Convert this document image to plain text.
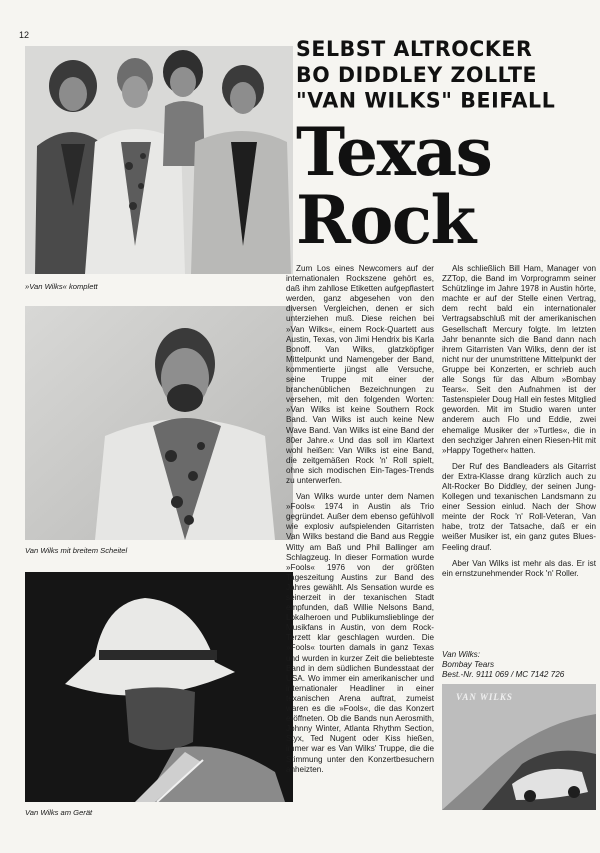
12
»Van Wilks« komplett
Van Wilks mit breitem Scheitel
Van Wilks am Gerät
SELBST ALTROCKER
BO DIDDLEY ZOLLTE
"VAN WILKS" BEIFALL
Texas
Rock

Zum Los eines Newcomers auf der internationalen Rockszene gehört es, daß ihm zahllose Etiketten aufgepflastert werden, ganz abgesehen von den diversen Vergleichen, denen er sich unterziehen muß. Diese reichen bei »Van Wilks«, einem Rock-Quartett aus Austin, Texas, von Jimi Hendrix bis Karla Bonoff. Van Wilks, glatzköpfiger Mittelpunkt und Namengeber der Band, kommentierte jüngst alle Versuche, seine Truppe mit einer der branchenüblichen Bezeichnungen zu versehen, mit den folgenden Worten: »Van Wilks ist keine Southern Rock Band. Van Wilks ist auch keine New Wave Band. Van Wilks ist eine Band der 80er Jahre.« Und das soll im Klartext wohl heißen: Van Wilks ist eine Band, die zeitgemäßen Rock 'n' Roll spielt, ohne sich modischen Ein-Tages-Trends zu unterwerfen.

Van Wilks wurde unter dem Namen »Fools« 1974 in Austin als Trio gegründet. Außer dem ebenso gefühlvoll wie explosiv aufspielenden Gitarristen Van Wilks bestand die Band aus Reggie Witty am Baß und Phil Ballinger am Schlagzeug. In dieser Formation wurde »Fools« 1976 von der größten Tageszeitung Austins zur Band des Jahres gewählt. Als Sensation wurde es seinerzeit in der texanischen Stadt empfunden, daß Willie Nelsons Band, Lokalheroen und Publikumslieblinge der Musikfans in Austin, von dem Rock-Terzett klar geschlagen wurden. Die »Fools« tourten damals in ganz Texas und wurden in kurzer Zeit die beliebteste Band in dem südlichen Bundesstaat der USA. Wo immer ein amerikanischer und internationaler Headliner in einer texanischen Arena auftrat, zumeist waren es die »Fools«, die das Konzert eröffneten. Ob die Bands nun Aerosmith, Johnny Winter, Atlanta Rhythm Section, Styx, Ted Nugent oder Kiss hießen, immer war es Van Wilks' Truppe, die die Stimmung unter den Konzertbesuchern anheizten.

Als schließlich Bill Ham, Manager von ZZTop, die Band im Vorprogramm seiner Schützlinge im Jahre 1978 in Austin hörte, machte er auf der Stelle einen Vertrag, dem recht bald ein internationaler Vertragsabschluß mit der amerikanischen Gesellschaft Mercury folgte. Im letzten Jahr benannte sich die Band dann nach ihrem Gitarristen Van Wilks, denn der ist nicht nur der unumstrittene Mittelpunkt der Gruppe bei Konzerten, er schrieb auch alle Songs für das Album »Bombay Tears«. Seit den Aufnahmen ist der Tastenspieler Doug Hall ein festes Mitglied geworden. Mit im Studio waren unter anderem auch Flo und Eddie, zwei ehemalige Musiker der »Turtles«, die in den sechziger Jahren einen Riesen-Hit mit »Happy Together« hatten.

Der Ruf des Bandleaders als Gitarrist der Extra-Klasse drang kürzlich auch zu Alt-Rocker Bo Diddley, der seinen Jung-Kollegen und texanischen Landsmann zu einer Session einlud. Nach der Show meinte der Rock 'n' Roll-Veteran, Van habe, trotz der Tatsache, daß er ein weißer Musiker ist, ein ganz gutes Blues-Feeling drauf.

Aber Van Wilks ist mehr als das. Er ist ein ernstzunehmender Rock 'n' Roller.

Van Wilks:
Bombay Tears
Best.-Nr. 9111 069 / MC 7142 726
VAN WILKS
